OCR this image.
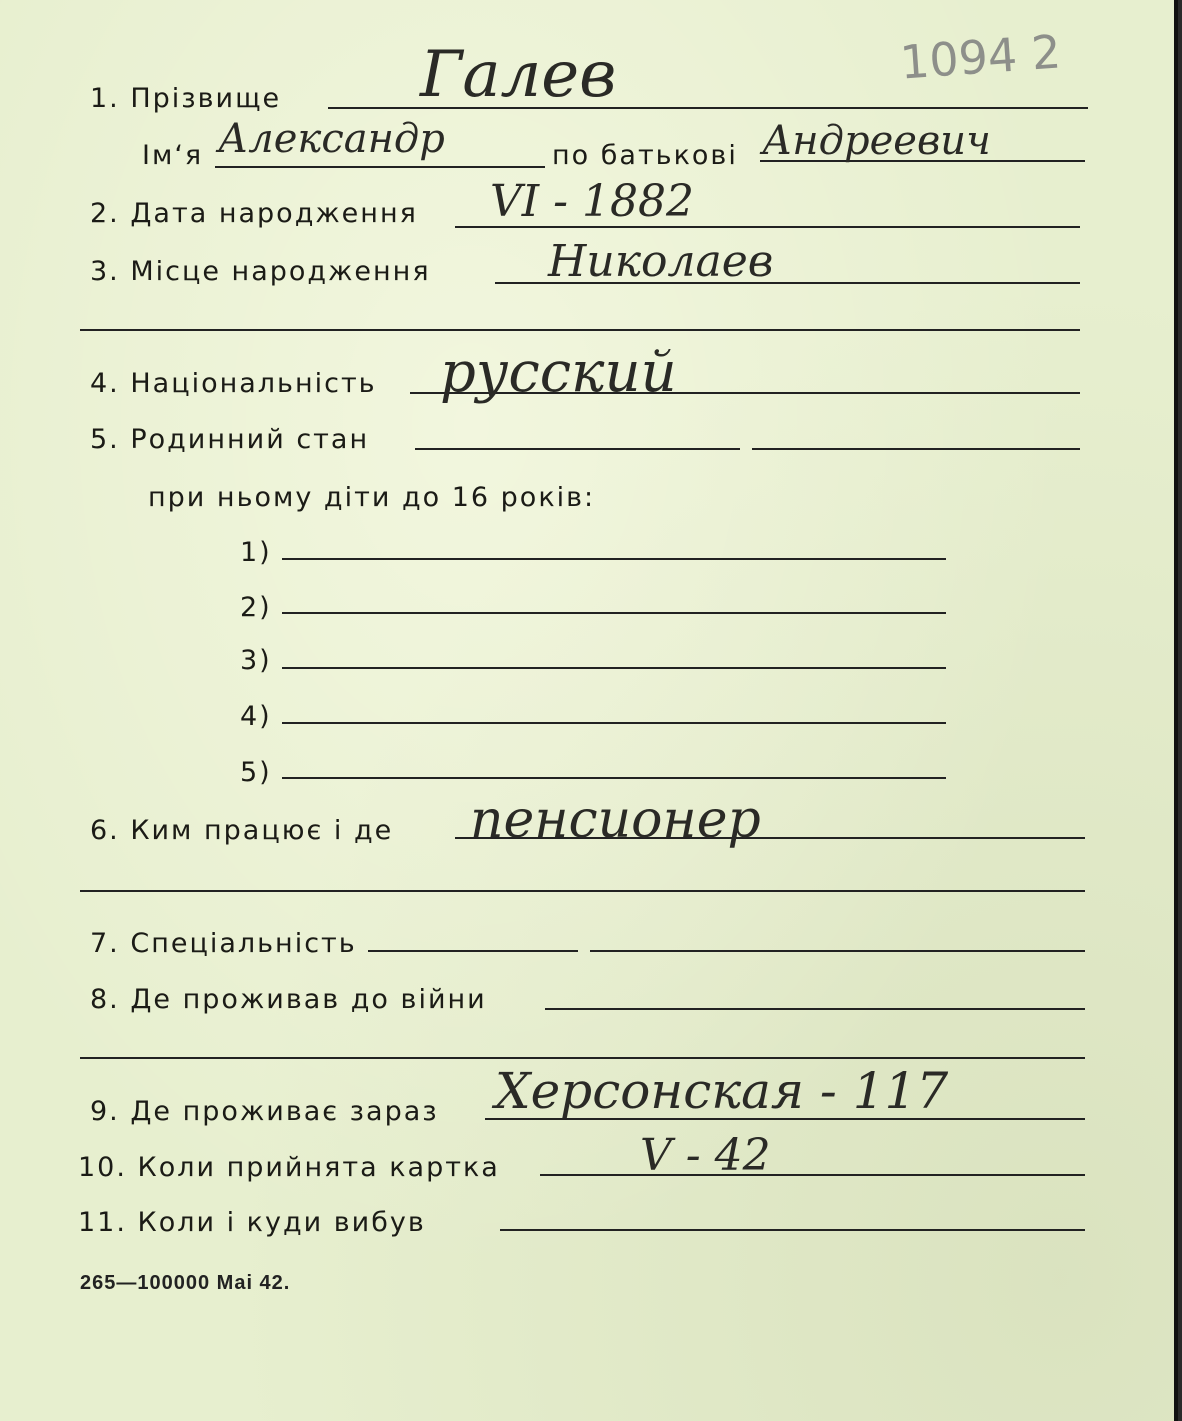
1094 2
1. Прізвище Галев
Ім‘я Александр	по батькові Андреевич
2. Дата народження VI - 1882
3. Місце народження	Николаев
4. Національність русский
5. Родинний стан
при ньому діти до 16 років:
1)
2)
3)
4)
5)
6. Ким працює і де пенсионер
7. Спеціальність
8. Де проживав до війни
9. Де проживає зараз Херсонская - 117
10. Коли прийнята картка	V - 42
11. Коли і куди вибув
265—100000 Mai 42.
